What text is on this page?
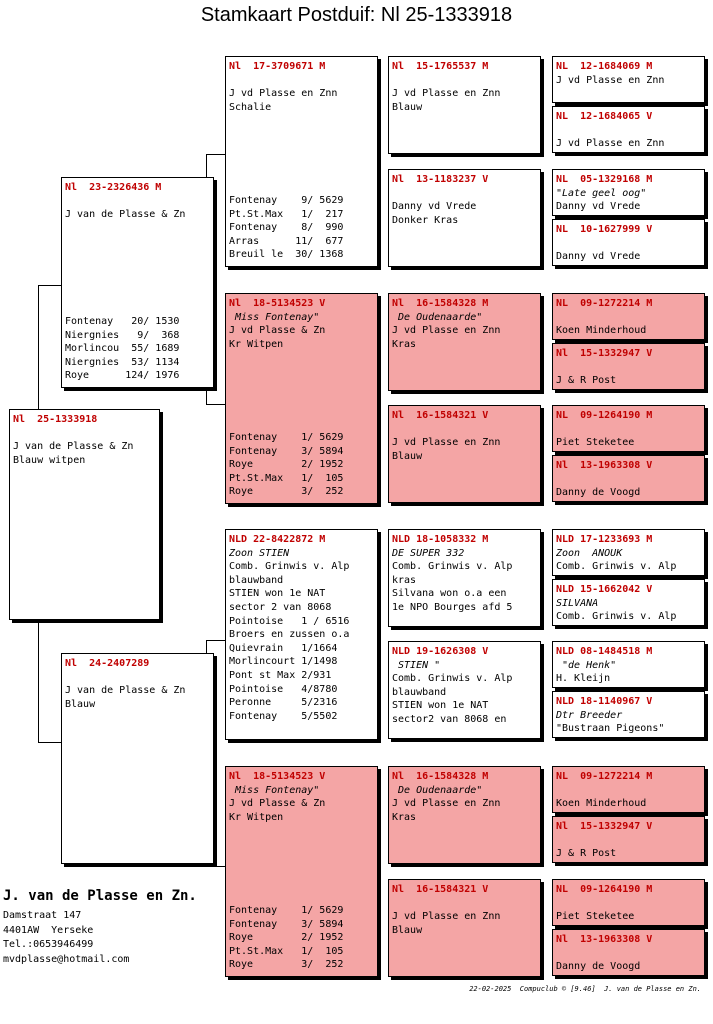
Stamkaart Postduif: Nl 25-1333918
Nl  25-1333918

J van de Plasse & Zn
Blauw witpen
Nl  23-2326436 M

J van de Plasse & Zn
Fontenay   20/ 1530
Niergnies   9/  368
Morlincou  55/ 1689
Niergnies  53/ 1134
Roye      124/ 1976
Nl  24-2407289

J van de Plasse & Zn
Blauw
Nl  17-3709671 M

J vd Plasse en Znn
Schalie
Fontenay    9/ 5629
Pt.St.Max   1/  217
Fontenay    8/  990
Arras      11/  677
Breuil le  30/ 1368
Nl  18-5134523 V
Miss Fontenay"
J vd Plasse & Zn
Kr Witpen
Fontenay    1/ 5629
Fontenay    3/ 5894
Roye        2/ 1952
Pt.St.Max   1/  105
Roye        3/  252
NLD 22-8422872 M
Zoon STIEN
Comb. Grinwis v. Alp
blauwband
STIEN won 1e NAT
sector 2 van 8068
Pointoise   1 / 6516
Broers en zussen o.a
Quievrain   1/1664
Morlincourt 1/1498
Pont st Max 2/931
Pointoise   4/8780
Peronne     5/2316
Fontenay    5/5502
Nl  18-5134523 V
Miss Fontenay"
J vd Plasse & Zn
Kr Witpen
Fontenay    1/ 5629
Fontenay    3/ 5894
Roye        2/ 1952
Pt.St.Max   1/  105
Roye        3/  252
Nl  15-1765537 M

J vd Plasse en Znn
Blauw
Nl  13-1183237 V

Danny vd Vrede
Donker Kras
Nl  16-1584328 M
De Oudenaarde"
J vd Plasse en Znn
Kras
Nl  16-1584321 V

J vd Plasse en Znn
Blauw
NLD 18-1058332 M
DE SUPER 332
Comb. Grinwis v. Alp
kras
Silvana won o.a een
1e NPO Bourges afd 5
NLD 19-1626308 V
STIEN "
Comb. Grinwis v. Alp
blauwband
STIEN won 1e NAT
sector2 van 8068 en
Nl  16-1584328 M
De Oudenaarde"
J vd Plasse en Znn
Kras
Nl  16-1584321 V

J vd Plasse en Znn
Blauw
NL  12-1684069 M
J vd Plasse en Znn
NL  12-1684065 V

J vd Plasse en Znn
NL  05-1329168 M
"Late geel oog"
Danny vd Vrede
NL  10-1627999 V

Danny vd Vrede
NL  09-1272214 M

Koen Minderhoud
Nl  15-1332947 V

J & R Post
NL  09-1264190 M

Piet Steketee
Nl  13-1963308 V

Danny de Voogd
NLD 17-1233693 M
Zoon  ANOUK
Comb. Grinwis v. Alp
NLD 15-1662042 V
SILVANA
Comb. Grinwis v. Alp
NLD 08-1484518 M
"de Henk"
H. Kleijn
NLD 18-1140967 V
Dtr Breeder
"Bustraan Pigeons"
NL  09-1272214 M

Koen Minderhoud
Nl  15-1332947 V

J & R Post
NL  09-1264190 M

Piet Steketee
Nl  13-1963308 V

Danny de Voogd
J. van de Plasse en Zn.
Damstraat 147
4401AW  Yerseke
Tel.:0653946499
mvdplasse@hotmail.com
22-02-2025  Compuclub © [9.46]  J. van de Plasse en Zn.
